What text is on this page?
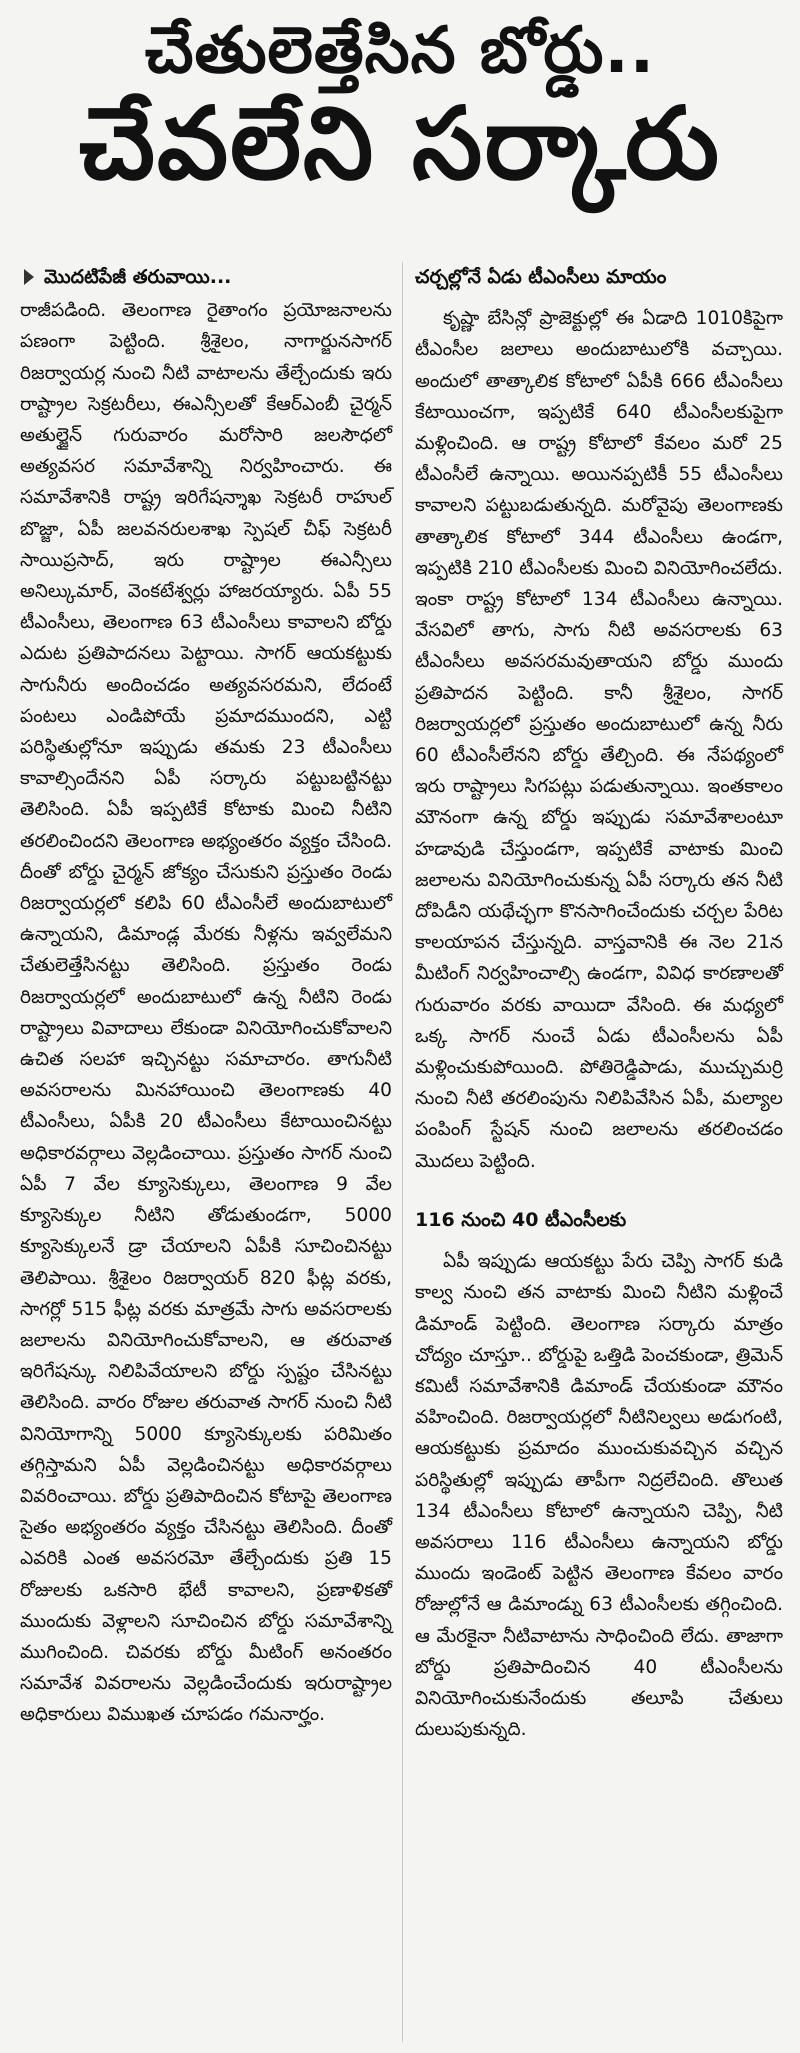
చేతులెత్తేసిన బోర్డు..
చేవలేని సర్కారు
మొదటిపేజీ తరువాయి...

రాజీపడింది. తెలంగాణ రైతాంగం ప్రయోజనాలను పణంగా పెట్టింది. శ్రీశైలం, నాగార్జునసాగర్ రిజర్వాయర్ల నుంచి నీటి వాటాలను తేల్చేందుకు ఇరు రాష్ట్రాల సెక్రటరీలు, ఈఎన్సీలతో కేఆర్ఎంబీ చైర్మన్ అతుల్జైన్ గురువారం మరోసారి జలసౌధలో అత్యవసర సమావేశాన్ని నిర్వహించారు. ఈ సమావేశానికి రాష్ట్ర ఇరిగేషన్శాఖ సెక్రటరీ రాహుల్ బొజ్జా, ఏపీ జలవనరులశాఖ స్పెషల్ చీఫ్ సెక్రటరీ సాయిప్రసాద్, ఇరు రాష్ట్రాల ఈఎన్సీలు అనిల్కుమార్, వెంకటేశ్వర్లు హాజరయ్యారు. ఏపీ 55 టీఎంసీలు, తెలంగాణ 63 టీఎంసీలు కావాలని బోర్డు ఎదుట ప్రతిపాదనలు పెట్టాయి. సాగర్ ఆయకట్టుకు సాగునీరు అందించడం అత్యవసరమని, లేదంటే పంటలు ఎండిపోయే ప్రమాదముందని, ఎట్టి పరిస్థితుల్లోనూ ఇప్పుడు తమకు 23 టీఎంసీలు కావాల్సిందేనని ఏపీ సర్కారు పట్టుబట్టినట్టు తెలిసింది. ఏపీ ఇప్పటికే కోటాకు మించి నీటిని తరలించిందని తెలంగాణ అభ్యంతరం వ్యక్తం చేసింది. దీంతో బోర్డు చైర్మన్ జోక్యం చేసుకుని ప్రస్తుతం రెండు రిజర్వాయర్లలో కలిపి 60 టీఎంసీలే అందుబాటులో ఉన్నాయని, డిమాండ్ల మేరకు నీళ్లను ఇవ్వలేమని చేతులెత్తేసినట్టు తెలిసింది. ప్రస్తుతం రెండు రిజర్వాయర్లలో అందుబాటులో ఉన్న నీటిని రెండు రాష్ట్రాలు వివాదాలు లేకుండా వినియోగించుకోవాలని ఉచిత సలహా ఇచ్చినట్టు సమాచారం. తాగునీటి అవసరాలను మినహాయించి తెలంగాణకు 40 టీఎంసీలు, ఏపీకి 20 టీఎంసీలు కేటాయించినట్టు అధికారవర్గాలు వెల్లడించాయి. ప్రస్తుతం సాగర్ నుంచి ఏపీ 7 వేల క్యూసెక్కులు, తెలంగాణ 9 వేల క్యూసెక్కుల నీటిని తోడుతుండగా, 5000 క్యూసెక్కులనే డ్రా చేయాలని ఏపీకి సూచించినట్టు తెలిపాయి. శ్రీశైలం రిజర్వాయర్ 820 ఫీట్ల వరకు, సాగర్లో 515 ఫీట్ల వరకు మాత్రమే సాగు అవసరాలకు జలాలను వినియోగించుకోవాలని, ఆ తరువాత ఇరిగేషన్కు నిలిపివేయాలని బోర్డు స్పష్టం చేసినట్టు తెలిసింది. వారం రోజుల తరువాత సాగర్ నుంచి నీటి వినియోగాన్ని 5000 క్యూసెక్కులకు పరిమితం తగ్గిస్తామని ఏపీ వెల్లడించినట్టు అధికారవర్గాలు వివరించాయి. బోర్డు ప్రతిపాదించిన కోటాపై తెలంగాణ సైతం అభ్యంతరం వ్యక్తం చేసినట్టు తెలిసింది. దీంతో ఎవరికి ఎంత అవసరమో తేల్చేందుకు ప్రతి 15 రోజులకు ఒకసారి భేటీ కావాలని, ప్రణాళికతో ముందుకు వెళ్లాలని సూచించిన బోర్డు సమావేశాన్ని ముగించింది. చివరకు బోర్డు మీటింగ్ అనంతరం సమావేశ వివరాలను వెల్లడించేందుకు ఇరురాష్ట్రాల అధికారులు విముఖత చూపడం గమనార్హం.

చర్చల్లోనే ఏడు టీఎంసీలు మాయం

కృష్ణా బేసిన్లో ప్రాజెక్టుల్లో ఈ ఏడాది 1010కిపైగా టీఎంసీల జలాలు అందుబాటులోకి వచ్చాయి. అందులో తాత్కాలిక కోటాలో ఏపీకి 666 టీఎంసీలు కేటాయించగా, ఇప్పటికే 640 టీఎంసీలకుపైగా మళ్లించింది. ఆ రాష్ట్ర కోటాలో కేవలం మరో 25 టీఎంసీలే ఉన్నాయి. అయినప్పటికీ 55 టీఎంసీలు కావాలని పట్టుబడుతున్నది. మరోవైపు తెలంగాణకు తాత్కాలిక కోటాలో 344 టీఎంసీలు ఉండగా, ఇప్పటికి 210 టీఎంసీలకు మించి వినియోగించలేదు. ఇంకా రాష్ట్ర కోటాలో 134 టీఎంసీలు ఉన్నాయి. వేసవిలో తాగు, సాగు నీటి అవసరాలకు 63 టీఎంసీలు అవసరమవుతాయని బోర్డు ముందు ప్రతిపాదన పెట్టింది. కానీ శ్రీశైలం, సాగర్ రిజర్వాయర్లలో ప్రస్తుతం అందుబాటులో ఉన్న నీరు 60 టీఎంసీలేనని బోర్డు తేల్చింది. ఈ నేపథ్యంలో ఇరు రాష్ట్రాలు సిగపట్లు పడుతున్నాయి. ఇంతకాలం మౌనంగా ఉన్న బోర్డు ఇప్పుడు సమావేశాలంటూ హడావుడి చేస్తుండగా, ఇప్పటికే వాటాకు మించి జలాలను వినియోగించుకున్న ఏపీ సర్కారు తన నీటి దోపిడీని యథేచ్ఛగా కొనసాగించేందుకు చర్చల పేరిట కాలయాపన చేస్తున్నది. వాస్తవానికి ఈ నెల 21న మీటింగ్ నిర్వహించాల్సి ఉండగా, వివిధ కారణాలతో గురువారం వరకు వాయిదా వేసింది. ఈ మధ్యలో ఒక్క సాగర్ నుంచే ఏడు టీఎంసీలను ఏపీ మళ్లించుకుపోయింది. పోతిరెడ్డిపాడు, ముచ్చుమర్రి నుంచి నీటి తరలింపును నిలిపివేసిన ఏపీ, మల్యాల పంపింగ్ స్టేషన్ నుంచి జలాలను తరలించడం మొదలు పెట్టింది.

116 నుంచి 40 టీఎంసీలకు

ఏపీ ఇప్పుడు ఆయకట్టు పేరు చెప్పి సాగర్ కుడి కాల్వ నుంచి తన వాటాకు మించి నీటిని మళ్లించే డిమాండ్ పెట్టింది. తెలంగాణ సర్కారు మాత్రం చోద్యం చూస్తూ.. బోర్డుపై ఒత్తిడి పెంచకుండా, త్రిమెన్ కమిటీ సమావేశానికి డిమాండ్ చేయకుండా మౌనం వహించింది. రిజర్వాయర్లలో నీటినిల్వలు అడుగంటి, ఆయకట్టుకు ప్రమాదం ముంచుకువచ్చిన వచ్చిన పరిస్థితుల్లో ఇప్పుడు తాపీగా నిద్రలేచింది. తొలుత 134 టీఎంసీలు కోటాలో ఉన్నాయని చెప్పి, నీటి అవసరాలు 116 టీఎంసీలు ఉన్నాయని బోర్డు ముందు ఇండెంట్ పెట్టిన తెలంగాణ కేవలం వారం రోజుల్లోనే ఆ డిమాండ్ను 63 టీఎంసీలకు తగ్గించింది. ఆ మేరకైనా నీటివాటాను సాధించింది లేదు. తాజాగా బోర్డు ప్రతిపాదించిన 40 టీఎంసీలను వినియోగించుకునేందుకు తలూపి చేతులు దులుపుకున్నది.
